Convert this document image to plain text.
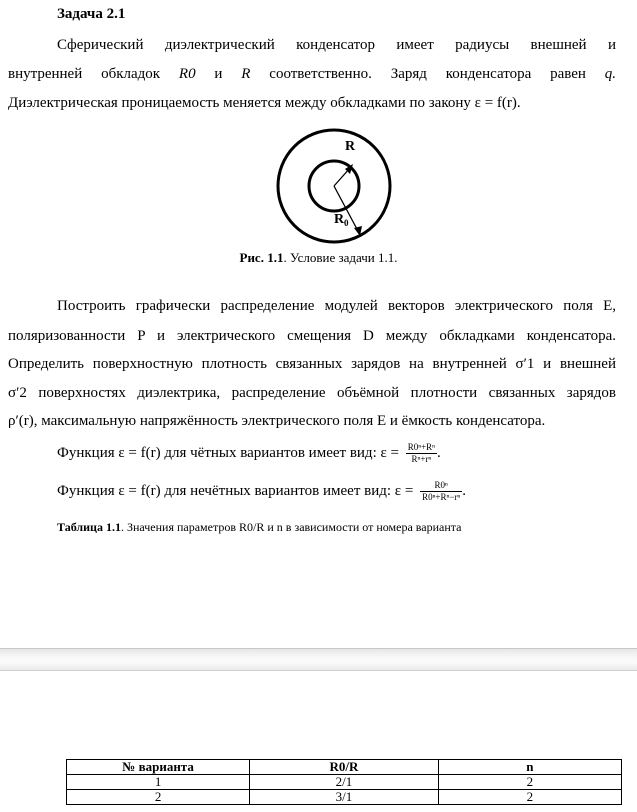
Задача 2.1
Сферический диэлектрический конденсатор имеет радиусы внешней и
внутренней обкладок R0 и R соответственно. Заряд конденсатора равен q.
Диэлектрическая проницаемость меняется между обкладками по закону ε = f(r).
R
R 0
Рис. 1.1. Условие задачи 1.1.
Построить графически распределение модулей векторов электрического поля E,
поляризованности P и электрического смещения D между обкладками конденсатора.
Определить поверхностную плотность связанных зарядов на внутренней σ′1 и внешней
σ′2 поверхностях диэлектрика, распределение объёмной плотности связанных зарядов
ρ′(r), максимальную напряжённость электрического поля E и ёмкость конденсатора.
Функция ε = f(r) для чётных вариантов имеет вид: $\varepsilon = \frac{\text{R0ⁿ+Rⁿ}}{\text{Rⁿ+rⁿ}}$ .
Функция ε = f(r) для нечётных вариантов имеет вид: $\varepsilon = \frac{\text{R0ⁿ}}{\text{R0ⁿ+Rⁿ−rⁿ}}$ .
Таблица 1.1. Значения параметров R0/R и n в зависимости от номера варианта
№ варианта	R0/R	n
1	2/1	2
2	3/1	2
